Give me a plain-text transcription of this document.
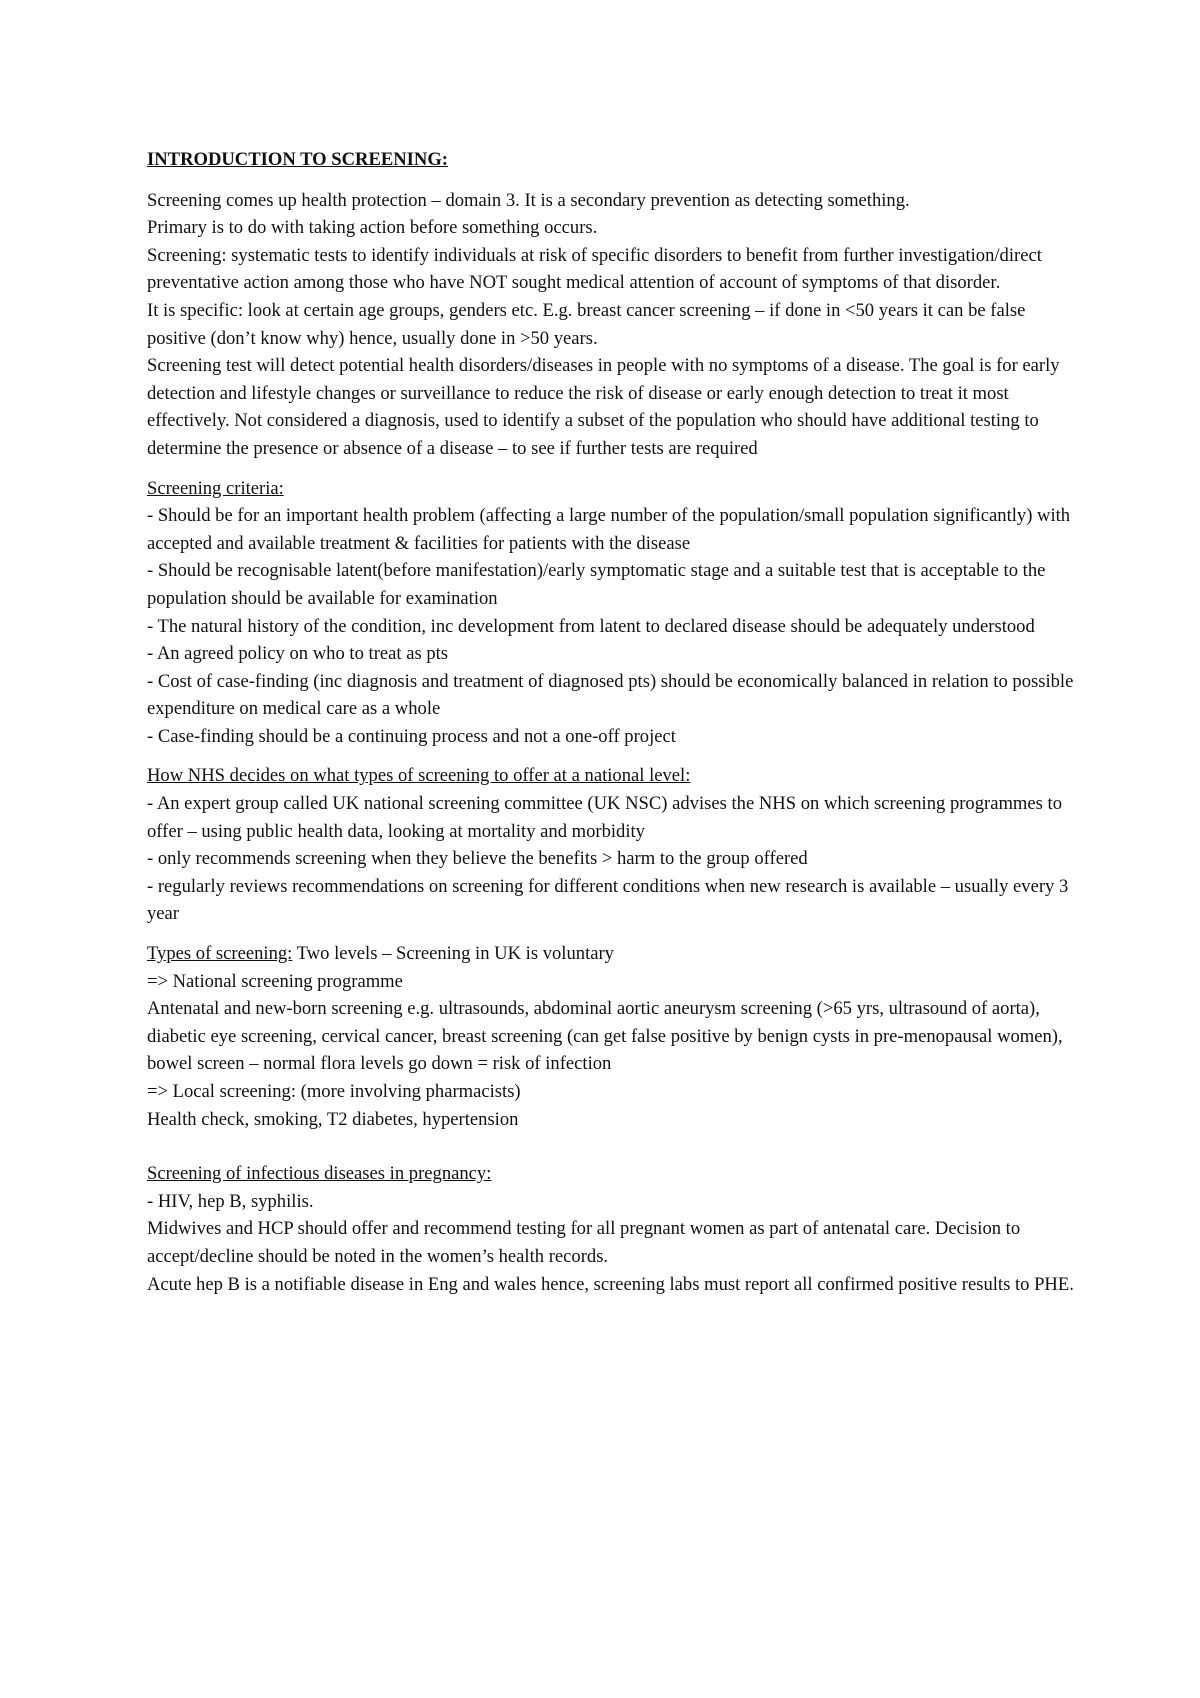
INTRODUCTION TO SCREENING:

Screening comes up health protection – domain 3. It is a secondary prevention as detecting something.
Primary is to do with taking action before something occurs.
Screening: systematic tests to identify individuals at risk of specific disorders to benefit from further investigation/direct preventative action among those who have NOT sought medical attention of account of symptoms of that disorder.
It is specific: look at certain age groups, genders etc. E.g. breast cancer screening – if done in <50 years it can be false positive (don’t know why) hence, usually done in >50 years.
Screening test will detect potential health disorders/diseases in people with no symptoms of a disease. The goal is for early detection and lifestyle changes or surveillance to reduce the risk of disease or early enough detection to treat it most effectively. Not considered a diagnosis, used to identify a subset of the population who should have additional testing to determine the presence or absence of a disease – to see if further tests are required
Screening criteria:
- Should be for an important health problem (affecting a large number of the population/small population significantly) with accepted and available treatment & facilities for patients with the disease
- Should be recognisable latent(before manifestation)/early symptomatic stage and a suitable test that is acceptable to the population should be available for examination
- The natural history of the condition, inc development from latent to declared disease should be adequately understood
- An agreed policy on who to treat as pts
- Cost of case-finding (inc diagnosis and treatment of diagnosed pts) should be economically balanced in relation to possible expenditure on medical care as a whole
- Case-finding should be a continuing process and not a one-off project
How NHS decides on what types of screening to offer at a national level:
- An expert group called UK national screening committee (UK NSC) advises the NHS on which screening programmes to offer – using public health data, looking at mortality and morbidity
- only recommends screening when they believe the benefits > harm to the group offered
- regularly reviews recommendations on screening for different conditions when new research is available – usually every 3 year
Types of screening: Two levels – Screening in UK is voluntary
=> National screening programme
Antenatal and new-born screening e.g. ultrasounds, abdominal aortic aneurysm screening (>65 yrs, ultrasound of aorta), diabetic eye screening, cervical cancer, breast screening (can get false positive by benign cysts in pre-menopausal women), bowel screen – normal flora levels go down = risk of infection
=> Local screening: (more involving pharmacists)
Health check, smoking, T2 diabetes, hypertension
Screening of infectious diseases in pregnancy:
- HIV, hep B, syphilis.
Midwives and HCP should offer and recommend testing for all pregnant women as part of antenatal care. Decision to accept/decline should be noted in the women’s health records.
Acute hep B is a notifiable disease in Eng and wales hence, screening labs must report all confirmed positive results to PHE.
